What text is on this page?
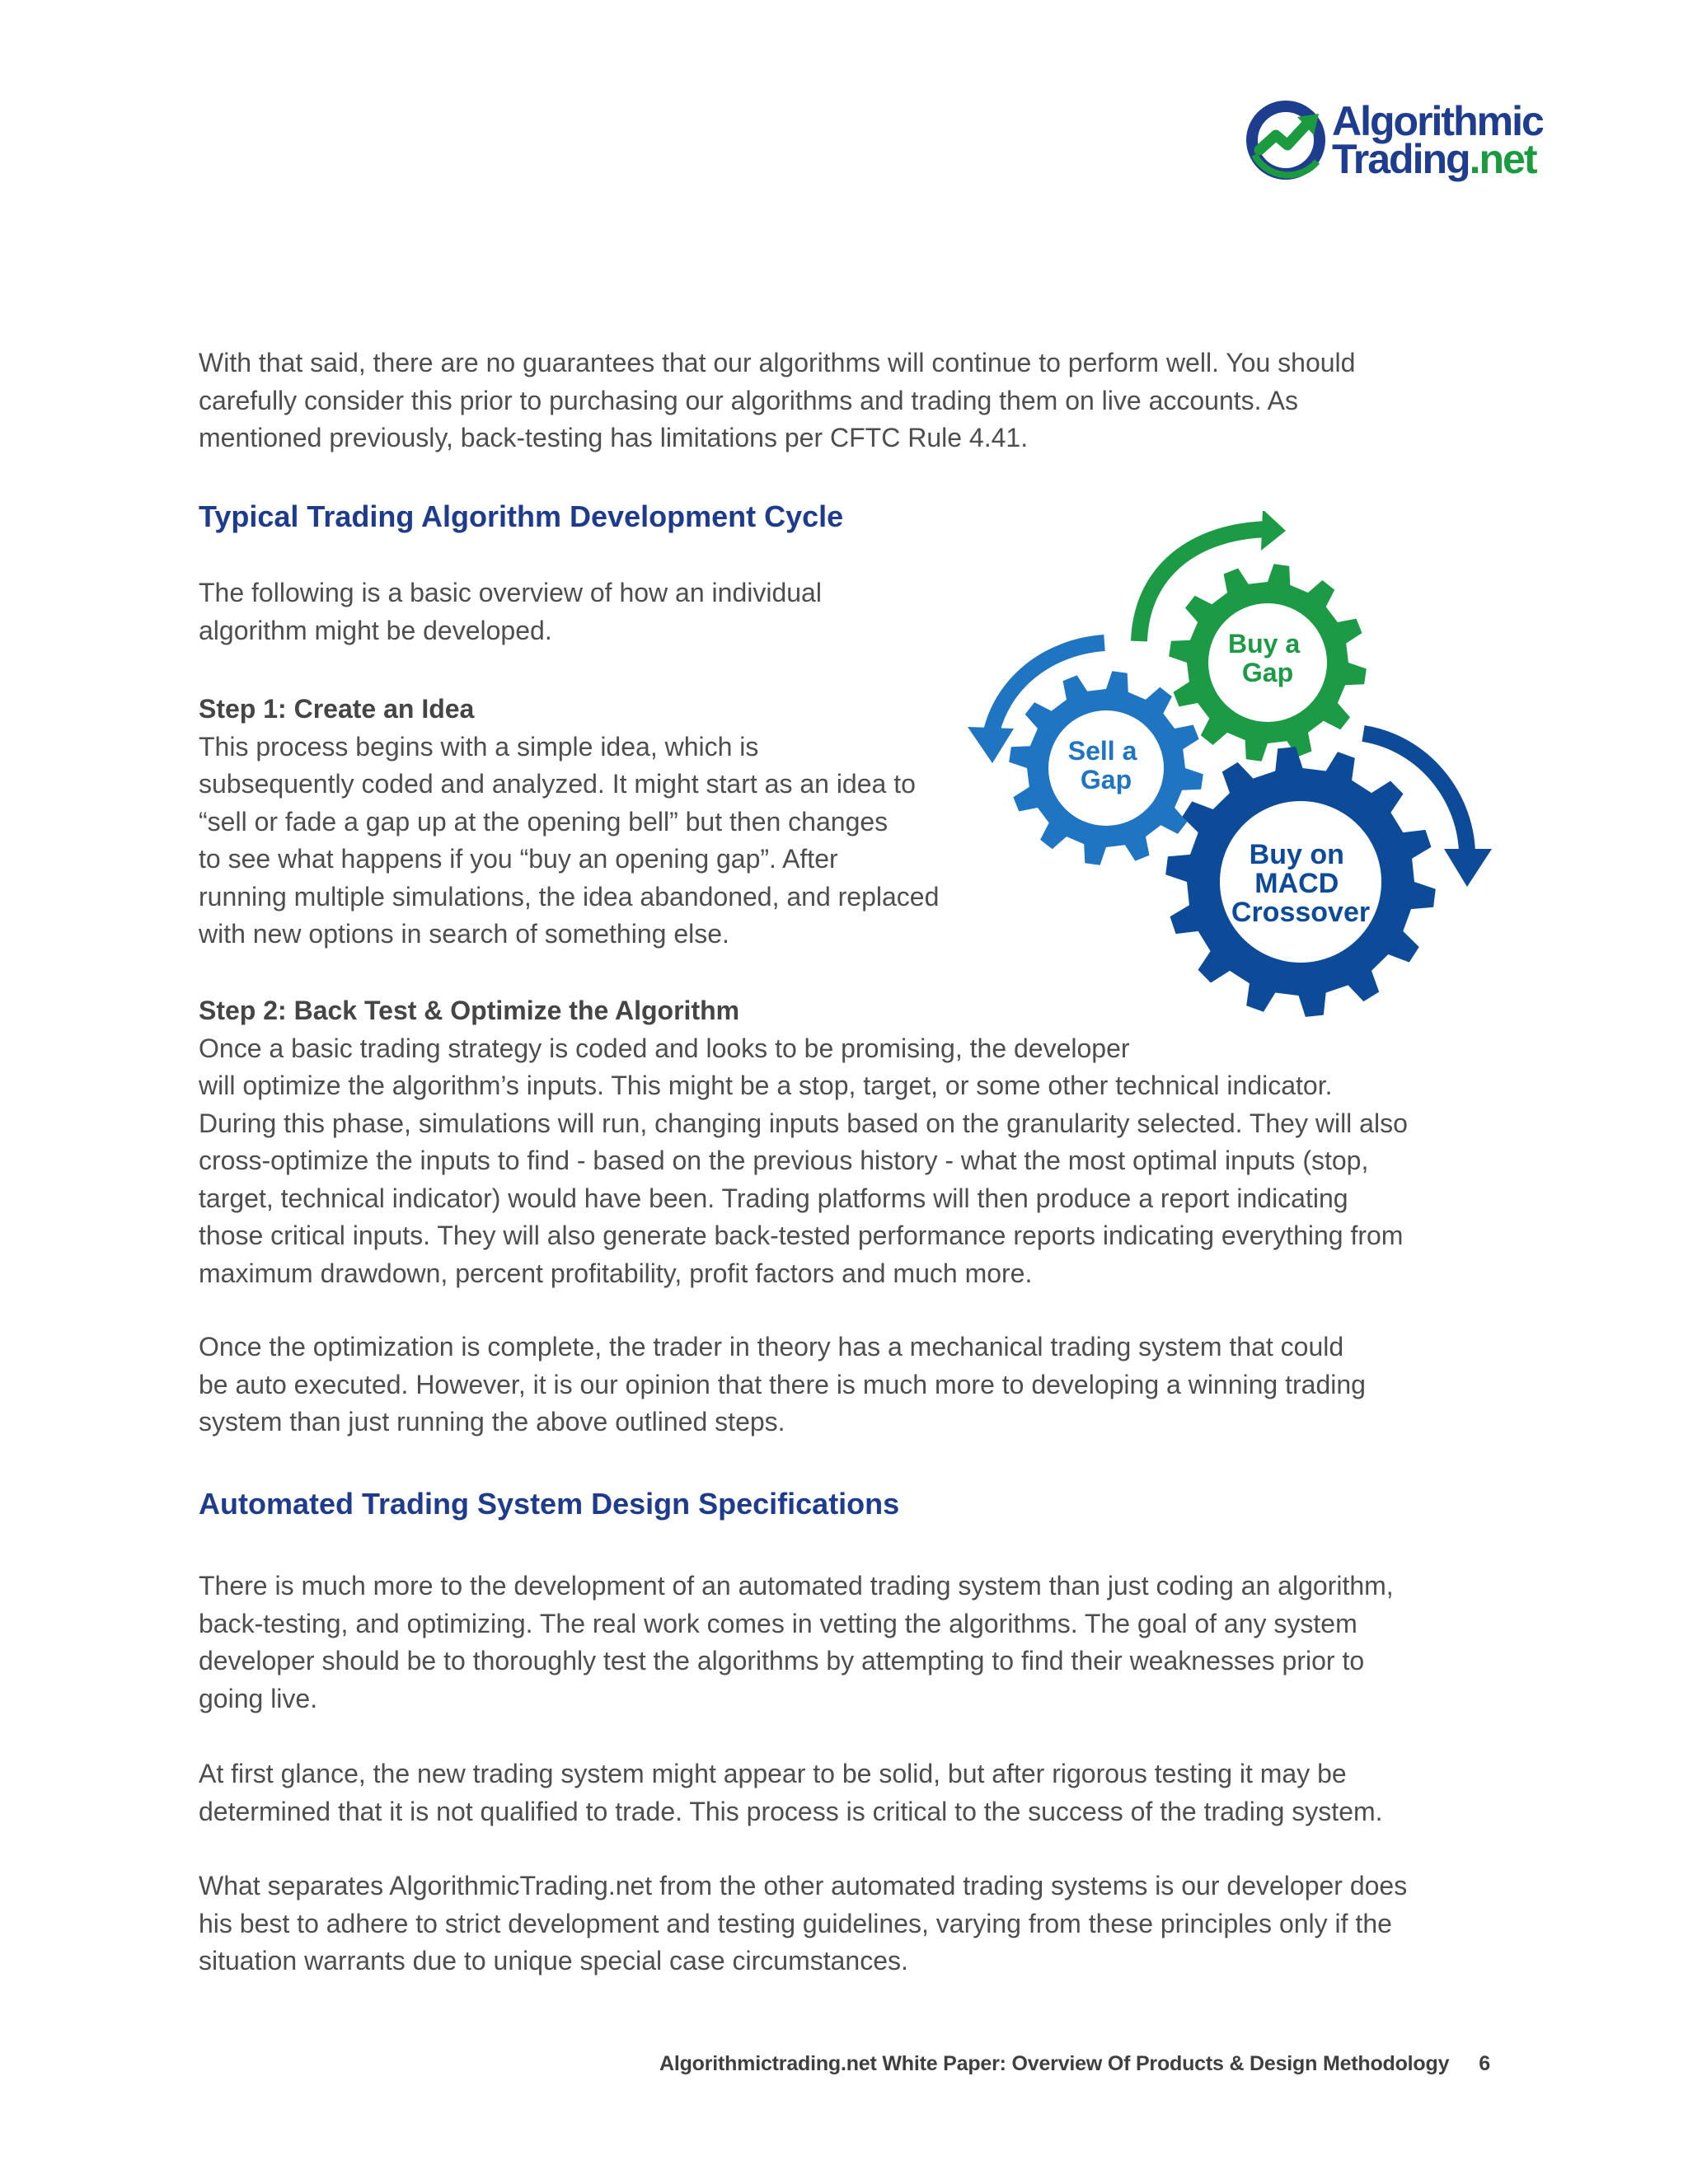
Algorithmic
Trading.net

With that said, there are no guarantees that our algorithms will continue to perform well. You should
carefully consider this prior to purchasing our algorithms and trading them on live accounts. As
mentioned previously, back-testing has limitations per CFTC Rule 4.41.

Typical Trading Algorithm Development Cycle

The following is a basic overview of how an individual
algorithm might be developed.

Step 1: Create an Idea
This process begins with a simple idea, which is
subsequently coded and analyzed. It might start as an idea to
“sell or fade a gap up at the opening bell” but then changes
to see what happens if you “buy an opening gap”. After
running multiple simulations, the idea abandoned, and replaced
with new options in search of something else.

Step 2: Back Test & Optimize the Algorithm
Once a basic trading strategy is coded and looks to be promising, the developer
will optimize the algorithm’s inputs. This might be a stop, target, or some other technical indicator.
During this phase, simulations will run, changing inputs based on the granularity selected. They will also
cross-optimize the inputs to find - based on the previous history - what the most optimal inputs (stop,
target, technical indicator) would have been. Trading platforms will then produce a report indicating
those critical inputs. They will also generate back-tested performance reports indicating everything from
maximum drawdown, percent profitability, profit factors and much more.

Once the optimization is complete, the trader in theory has a mechanical trading system that could
be auto executed. However, it is our opinion that there is much more to developing a winning trading
system than just running the above outlined steps.

Buy a Gap
Sell a Gap
Buy on MACD Crossover
Automated Trading System Design Specifications

There is much more to the development of an automated trading system than just coding an algorithm,
back-testing, and optimizing. The real work comes in vetting the algorithms. The goal of any system
developer should be to thoroughly test the algorithms by attempting to find their weaknesses prior to
going live.

At first glance, the new trading system might appear to be solid, but after rigorous testing it may be
determined that it is not qualified to trade. This process is critical to the success of the trading system.

What separates AlgorithmicTrading.net from the other automated trading systems is our developer does
his best to adhere to strict development and testing guidelines, varying from these principles only if the
situation warrants due to unique special case circumstances.

Algorithmictrading.net White Paper: Overview Of Products & Design Methodology 6
